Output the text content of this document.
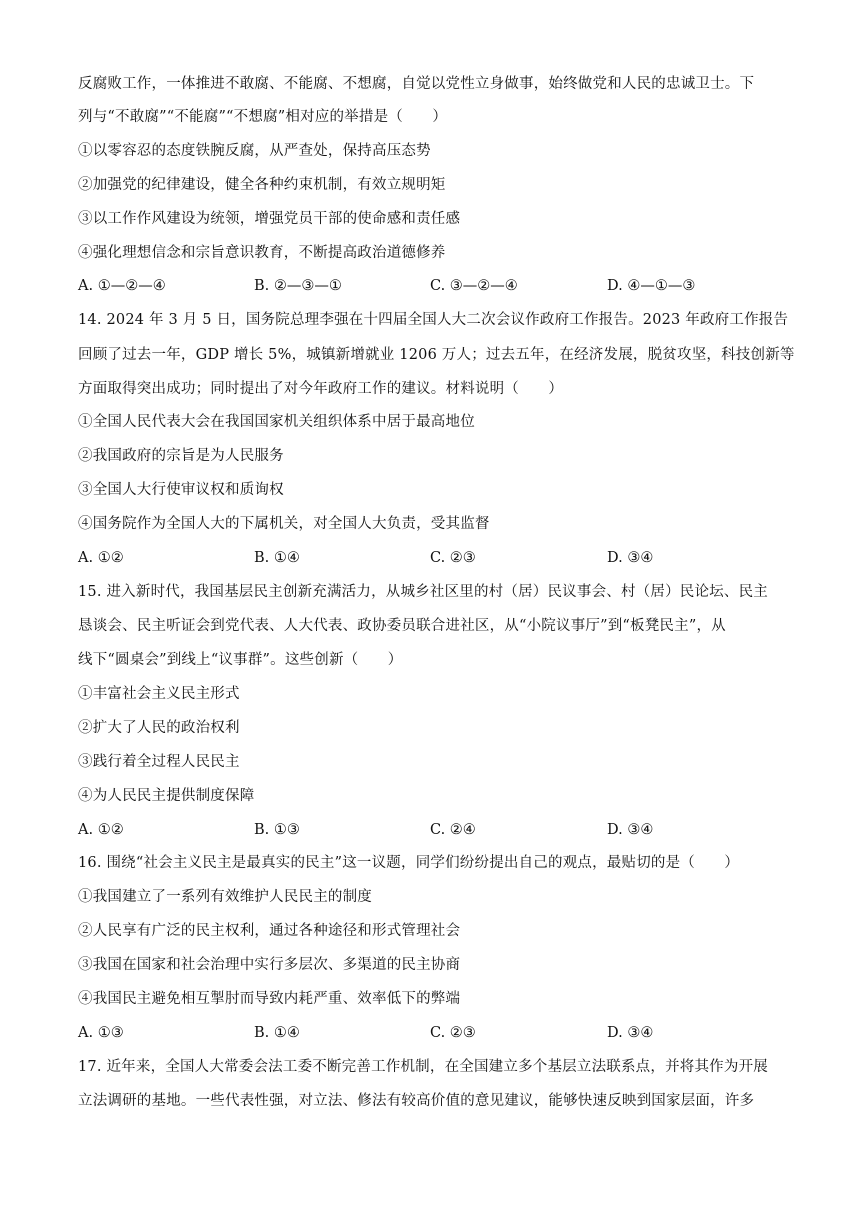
反腐败工作，一体推进不敢腐、不能腐、不想腐，自觉以党性立身做事，始终做党和人民的忠诚卫士。下
列与“不敢腐”“不能腐”“不想腐”相对应的举措是（　　）
①以零容忍的态度铁腕反腐，从严查处，保持高压态势
②加强党的纪律建设，健全各种约束机制，有效立规明矩
③以工作作风建设为统领，增强党员干部的使命感和责任感
④强化理想信念和宗旨意识教育，不断提高政治道德修养
A. ①—②—④	B. ②—③—①	C. ③—②—④	D. ④—①—③
14. 2024 年 3 月 5 日，国务院总理李强在十四届全国人大二次会议作政府工作报告。2023 年政府工作报告
回顾了过去一年，GDP 增长 5%，城镇新增就业 1206 万人；过去五年，在经济发展，脱贫攻坚，科技创新等
方面取得突出成功；同时提出了对今年政府工作的建议。材料说明（　　）
①全国人民代表大会在我国国家机关组织体系中居于最高地位
②我国政府的宗旨是为人民服务
③全国人大行使审议权和质询权
④国务院作为全国人大的下属机关，对全国人大负责，受其监督
A. ①②	B. ①④	C. ②③	D. ③④
15. 进入新时代，我国基层民主创新充满活力，从城乡社区里的村（居）民议事会、村（居）民论坛、民主
恳谈会、民主听证会到党代表、人大代表、政协委员联合进社区，从“小院议事厅”到“板凳民主”，从
线下“圆桌会”到线上“议事群”。这些创新（　　）
①丰富社会主义民主形式
②扩大了人民的政治权利
③践行着全过程人民民主
④为人民民主提供制度保障
A. ①②	B. ①③	C. ②④	D. ③④
16. 围绕“社会主义民主是最真实的民主”这一议题，同学们纷纷提出自己的观点，最贴切的是（　　）
①我国建立了一系列有效维护人民民主的制度
②人民享有广泛的民主权利，通过各种途径和形式管理社会
③我国在国家和社会治理中实行多层次、多渠道的民主协商
④我国民主避免相互掣肘而导致内耗严重、效率低下的弊端
A. ①③	B. ①④	C. ②③	D. ③④
17. 近年来，全国人大常委会法工委不断完善工作机制，在全国建立多个基层立法联系点，并将其作为开展
立法调研的基地。一些代表性强，对立法、修法有较高价值的意见建议，能够快速反映到国家层面，许多
